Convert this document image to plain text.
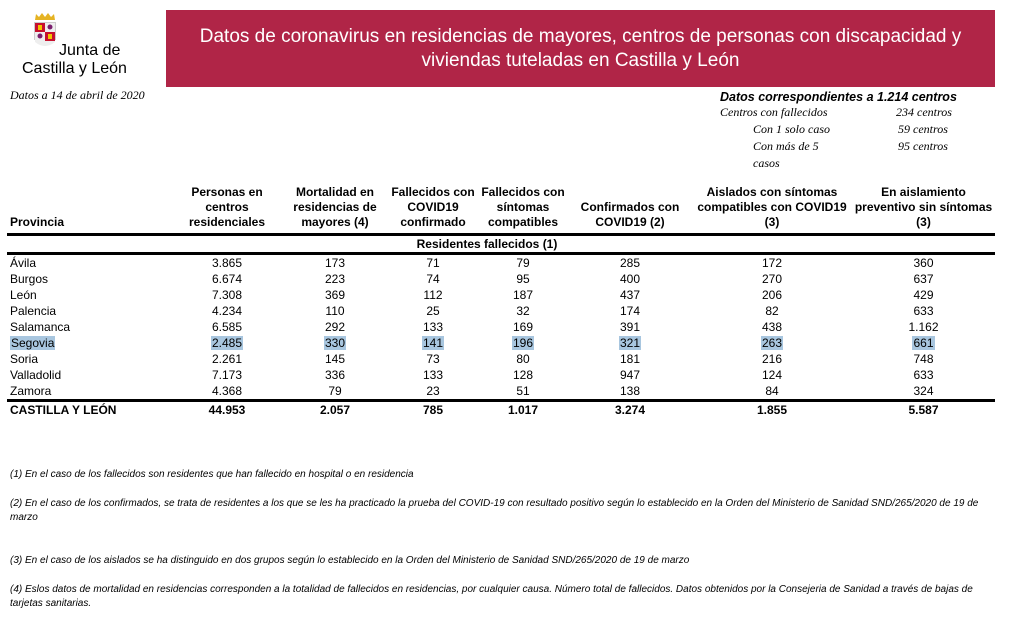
Junta de
Castilla y León
Datos de coronavirus en residencias de mayores, centros de personas con discapacidad y viviendas tuteladas en Castilla y León
Datos a 14 de abril de 2020	Datos correspondientes a 1.214 centros
Centros con fallecidos	234 centros
Con 1 solo caso	59 centros
Con más de 5	95 centros
casos
Provincia	Personas en centros residenciales	Mortalidad en residencias de mayores (4)	Fallecidos con COVID19 confirmado	Fallecidos con síntomas compatibles	Confirmados con COVID19 (2)	Aislados con síntomas compatibles con COVID19 (3)	En aislamiento preventivo sin síntomas (3)
		Residentes fallecidos (1)					
Ávila	3.865	173	71	79	285	172	360
Burgos	6.674	223	74	95	400	270	637
León	7.308	369	112	187	437	206	429
Palencia	4.234	110	25	32	174	82	633
Salamanca	6.585	292	133	169	391	438	1.162
Segovia	2.485	330	141	196	321	263	661
Soria	2.261	145	73	80	181	216	748
Valladolid	7.173	336	133	128	947	124	633
Zamora	4.368	79	23	51	138	84	324
CASTILLA Y LEÓN	44.953	2.057	785	1.017	3.274	1.855	5.587
(1) En el caso de los fallecidos son residentes que han fallecido en hospital o en residencia
(2) En el caso de los confirmados, se trata de residentes a los que se les ha practicado la prueba del COVID-19 con resultado positivo según lo establecido en la Orden del Ministerio de Sanidad SND/265/2020 de 19 de marzo
(3) En el caso de los aislados se ha distinguido en dos grupos según lo establecido en la Orden del Ministerio de Sanidad SND/265/2020 de 19 de marzo
(4) Eslos datos de mortalidad en residencias corresponden a la totalidad de fallecidos en residencias, por cualquier causa. Número total de fallecidos. Datos obtenidos por la Consejeria de Sanidad a través de bajas de tarjetas sanitarias.
